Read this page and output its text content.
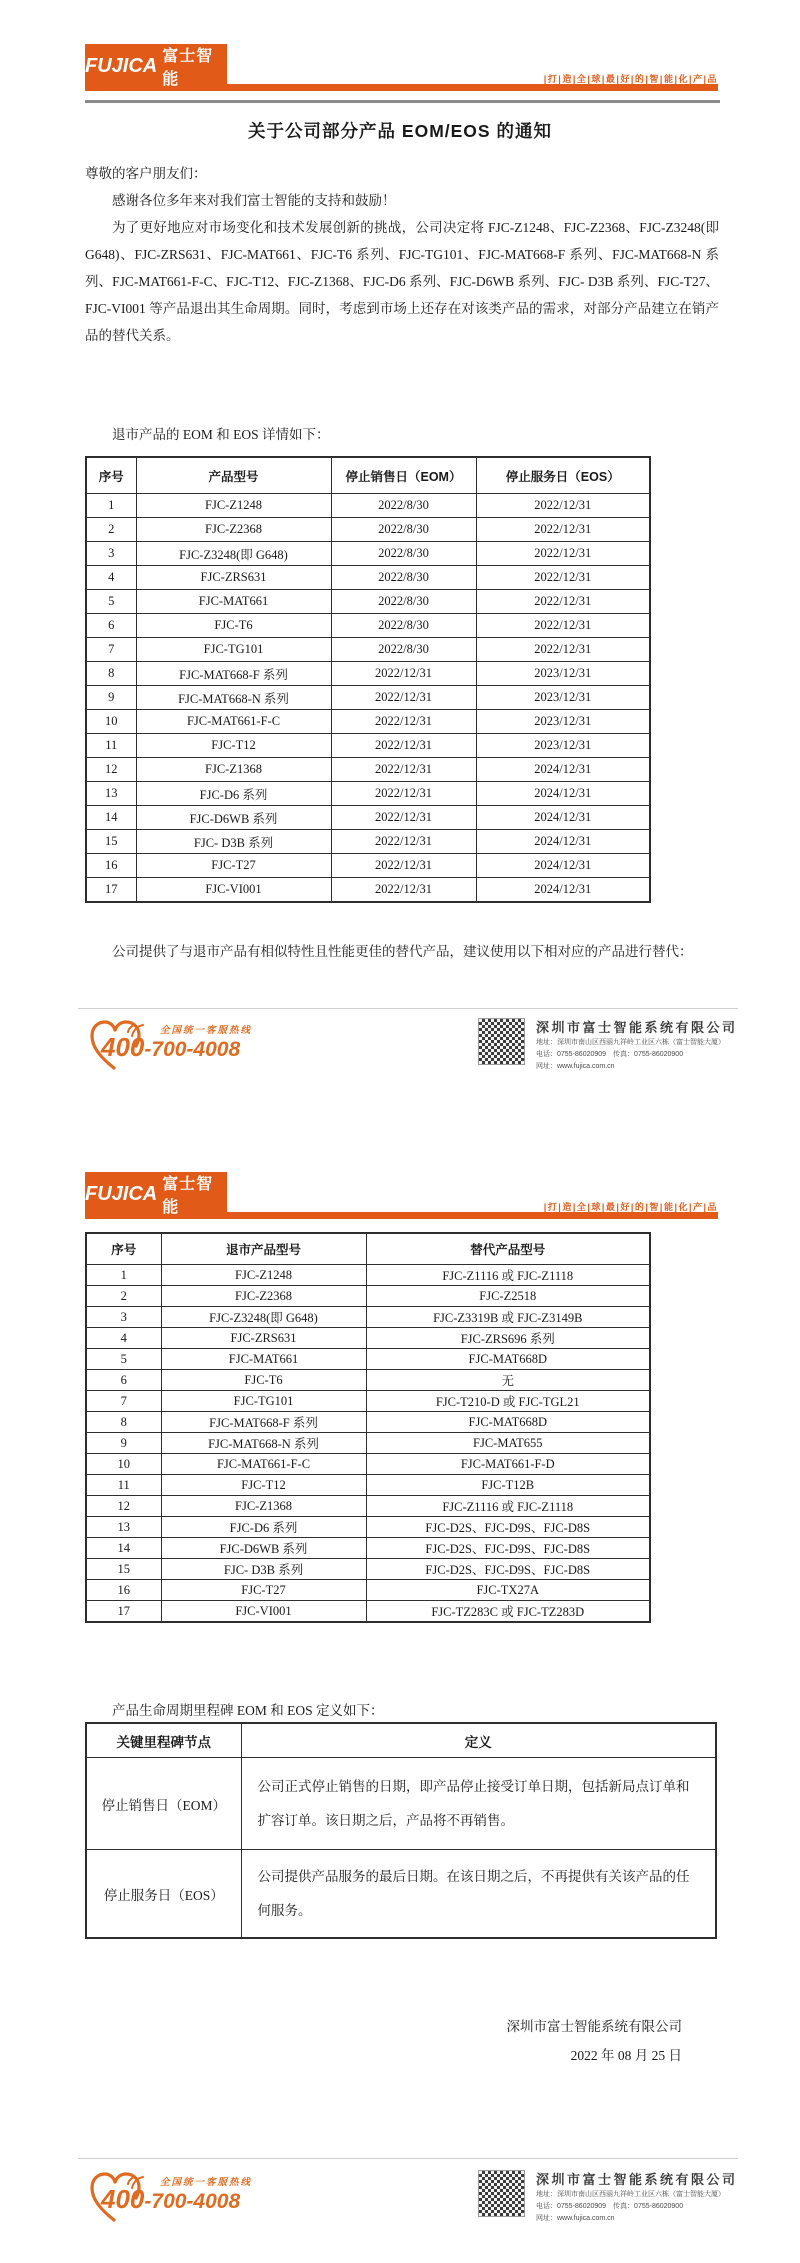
FUJICA 富士智能	|打|造|全|球|最|好|的|智|能|化|产|品
关于公司部分产品 EOM/EOS 的通知
尊敬的客户朋友们：
感谢各位多年来对我们富士智能的支持和鼓励！
为了更好地应对市场变化和技术发展创新的挑战，公司决定将 FJC-Z1248、FJC-Z2368、FJC-Z3248(即 G648)、FJC-ZRS631、FJC-MAT661、FJC-T6 系列、FJC-TG101、FJC-MAT668-F 系列、FJC-MAT668-N 系列、FJC-MAT661-F-C、FJC-T12、FJC-Z1368、FJC-D6 系列、FJC-D6WB 系列、FJC- D3B 系列、FJC-T27、FJC-VI001 等产品退出其生命周期。同时，考虑到市场上还存在对该类产品的需求，对部分产品建立在销产品的替代关系。
退市产品的 EOM 和 EOS 详情如下：
序号	产品型号	停止销售日（EOM）	停止服务日（EOS）
1	FJC-Z1248	2022/8/30	2022/12/31
2	FJC-Z2368	2022/8/30	2022/12/31
3	FJC-Z3248(即 G648)	2022/8/30	2022/12/31
4	FJC-ZRS631	2022/8/30	2022/12/31
5	FJC-MAT661	2022/8/30	2022/12/31
6	FJC-T6	2022/8/30	2022/12/31
7	FJC-TG101	2022/8/30	2022/12/31
8	FJC-MAT668-F 系列	2022/12/31	2023/12/31
9	FJC-MAT668-N 系列	2022/12/31	2023/12/31
10	FJC-MAT661-F-C	2022/12/31	2023/12/31
11	FJC-T12	2022/12/31	2023/12/31
12	FJC-Z1368	2022/12/31	2024/12/31
13	FJC-D6 系列	2022/12/31	2024/12/31
14	FJC-D6WB 系列	2022/12/31	2024/12/31
15	FJC- D3B 系列	2022/12/31	2024/12/31
16	FJC-T27	2022/12/31	2024/12/31
17	FJC-VI001	2022/12/31	2024/12/31
公司提供了与退市产品有相似特性且性能更佳的替代产品，建议使用以下相对应的产品进行替代：
全国统一客服热线
400-700-4008
深圳市富士智能系统有限公司
地址：深圳市南山区西丽九祥岭工业区六栋（富士智能大厦）
电话：0755-86020909　传真：0755-86020900
网址：www.fujica.com.cn
FUJICA 富士智能	|打|造|全|球|最|好|的|智|能|化|产|品
序号	退市产品型号	替代产品型号
1	FJC-Z1248	FJC-Z1116 或 FJC-Z1118
2	FJC-Z2368	FJC-Z2518
3	FJC-Z3248(即 G648)	FJC-Z3319B 或 FJC-Z3149B
4	FJC-ZRS631	FJC-ZRS696 系列
5	FJC-MAT661	FJC-MAT668D
6	FJC-T6	无
7	FJC-TG101	FJC-T210-D 或 FJC-TGL21
8	FJC-MAT668-F 系列	FJC-MAT668D
9	FJC-MAT668-N 系列	FJC-MAT655
10	FJC-MAT661-F-C	FJC-MAT661-F-D
11	FJC-T12	FJC-T12B
12	FJC-Z1368	FJC-Z1116 或 FJC-Z1118
13	FJC-D6 系列	FJC-D2S、FJC-D9S、FJC-D8S
14	FJC-D6WB 系列	FJC-D2S、FJC-D9S、FJC-D8S
15	FJC- D3B 系列	FJC-D2S、FJC-D9S、FJC-D8S
16	FJC-T27	FJC-TX27A
17	FJC-VI001	FJC-TZ283C 或 FJC-TZ283D
产品生命周期里程碑 EOM 和 EOS 定义如下：
关键里程碑节点	定义
停止销售日（EOM）	公司正式停止销售的日期，即产品停止接受订单日期，包括新局点订单和扩容订单。该日期之后，产品将不再销售。
停止服务日（EOS）	公司提供产品服务的最后日期。在该日期之后，不再提供有关该产品的任何服务。
深圳市富士智能系统有限公司
2022 年 08 月 25 日
全国统一客服热线
400-700-4008
深圳市富士智能系统有限公司
地址：深圳市南山区西丽九祥岭工业区六栋（富士智能大厦）
电话：0755-86020909　传真：0755-86020900
网址：www.fujica.com.cn
